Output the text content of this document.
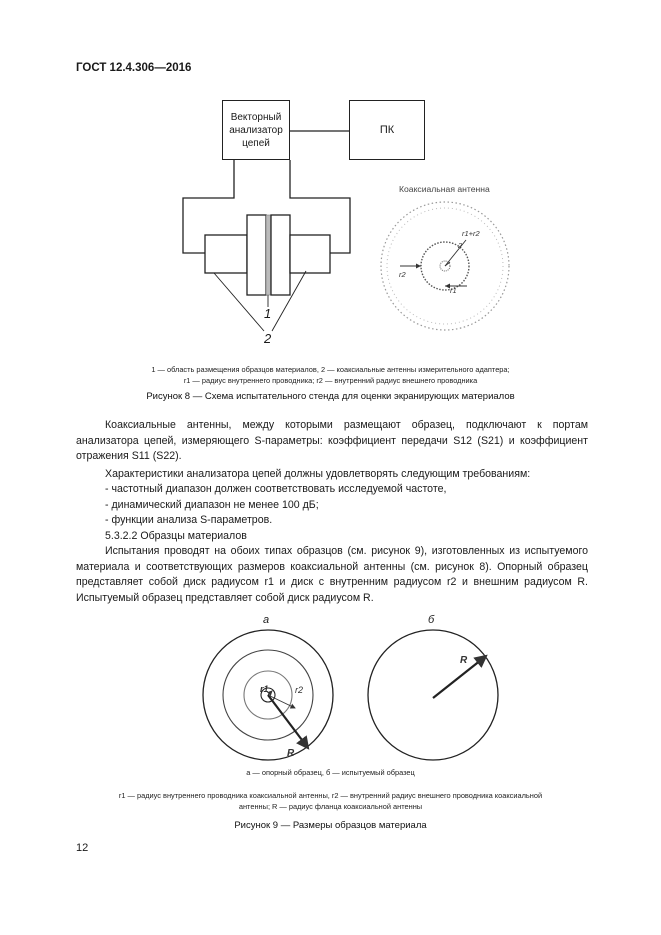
ГОСТ 12.4.306—2016
Векторный анализатор цепей
ПК
1
2
Коаксиальная антенна
r1+r2
2
r2
r1
1 — область размещения образцов материалов, 2 — коаксиальные антенны измерительного адаптера;
r1 — радиус внутреннего проводника; r2 — внутренний радиус внешнего проводника
Рисунок 8 — Схема испытательного стенда для оценки экранирующих материалов

Коаксиальные антенны, между которыми размещают образец, подключают к портам анализатора цепей, измеряющего S-параметры: коэффициент передачи S12 (S21) и коэффициент отражения S11 (S22).

Характеристики анализатора цепей должны удовлетворять следующим требованиям:

- частотный диапазон должен соответствовать исследуемой частоте,

- динамический диапазон не менее 100 дБ;

- функции анализа S-параметров.

5.3.2.2 Образцы материалов

Испытания проводят на обоих типах образцов (см. рисунок 9), изготовленных из испытуемого материала и соответствующих размеров коаксиальной антенны (см. рисунок 8). Опорный образец представляет собой диск радиусом r1 и диск с внутренним радиусом r2 и внешним радиусом R. Испытуемый образец представляет собой диск радиусом R.

а	б
r1	r2
R
R
а — опорный образец, б — испытуемый образец
r1 — радиус внутреннего проводника коаксиальной антенны, r2 — внутренний радиус внешнего проводника коаксиальной
антенны; R — радиус фланца коаксиальной антенны
Рисунок 9 — Размеры образцов материала
12
